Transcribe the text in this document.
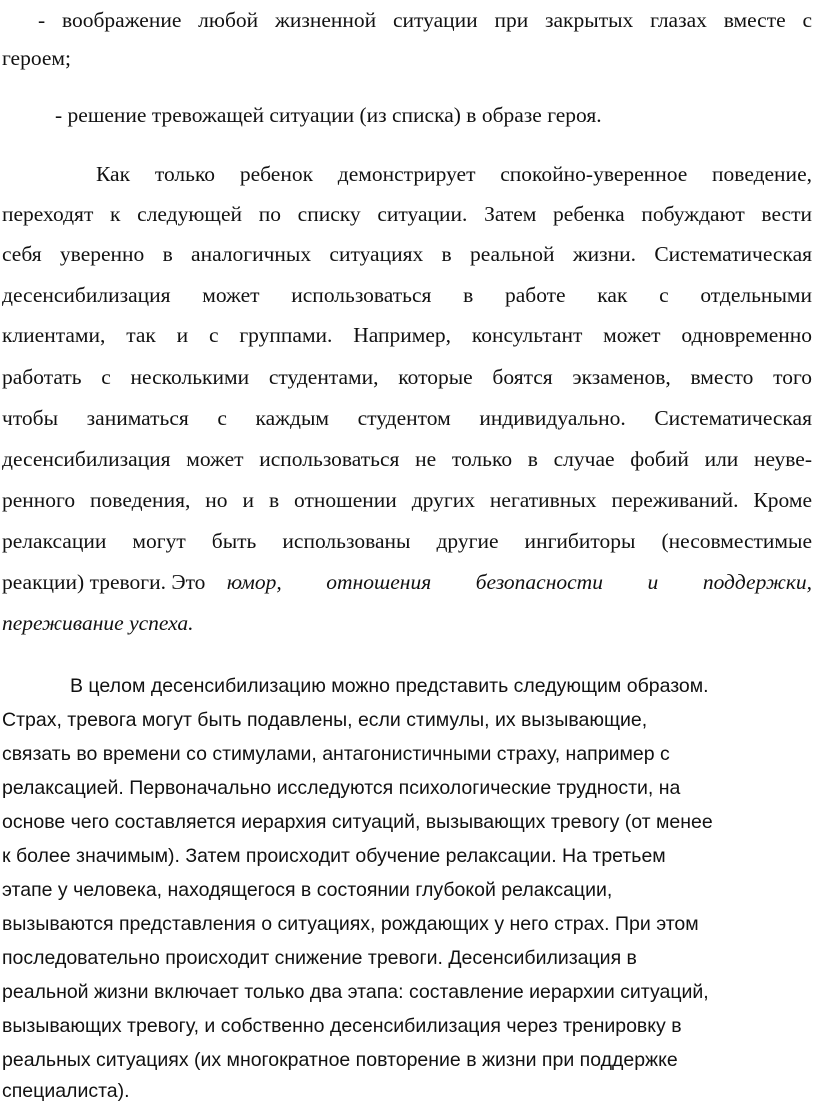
- воображение любой жизненной ситуации при закрытых глазах вместе с
героем;
- решение тревожащей ситуации (из списка) в образе героя.
Как только ребенок демонстрирует спокойно-уверенное поведение,
переходят к следующей по списку ситуации. Затем ребенка побуждают вести
себя уверенно в аналогичных ситуациях в реальной жизни. Систематическая
десенсибилизация может использоваться в работе как с отдельными
клиентами, так и с группами. Например, консультант может одновременно
работать с несколькими студентами, которые боятся экзаменов, вместо того
чтобы заниматься с каждым студентом индивидуально. Систематическая
десенсибилизация может использоваться не только в случае фобий или неуве-
ренного поведения, но и в отношении других негативных переживаний. Кроме
релаксации могут быть использованы другие ингибиторы (несовместимые
реакции) тревоги. Это юмор, отношения безопасности и поддержки,
переживание успеха.
В целом десенсибилизацию можно представить следующим образом.
Страх, тревога могут быть подавлены, если стимулы, их вызывающие,
связать во времени со стимулами, антагонистичными страху, например с
релаксацией. Первоначально исследуются психологические трудности, на
основе чего составляется иерархия ситуаций, вызывающих тревогу (от менее
к более значимым). Затем происходит обучение релаксации. На третьем
этапе у человека, находящегося в состоянии глубокой релаксации,
вызываются представления о ситуациях, рождающих у него страх. При этом
последовательно происходит снижение тревоги. Десенсибилизация в
реальной жизни включает только два этапа: составление иерархии ситуаций,
вызывающих тревогу, и собственно десенсибилизация через тренировку в
реальных ситуациях (их многократное повторение в жизни при поддержке
специалиста).
